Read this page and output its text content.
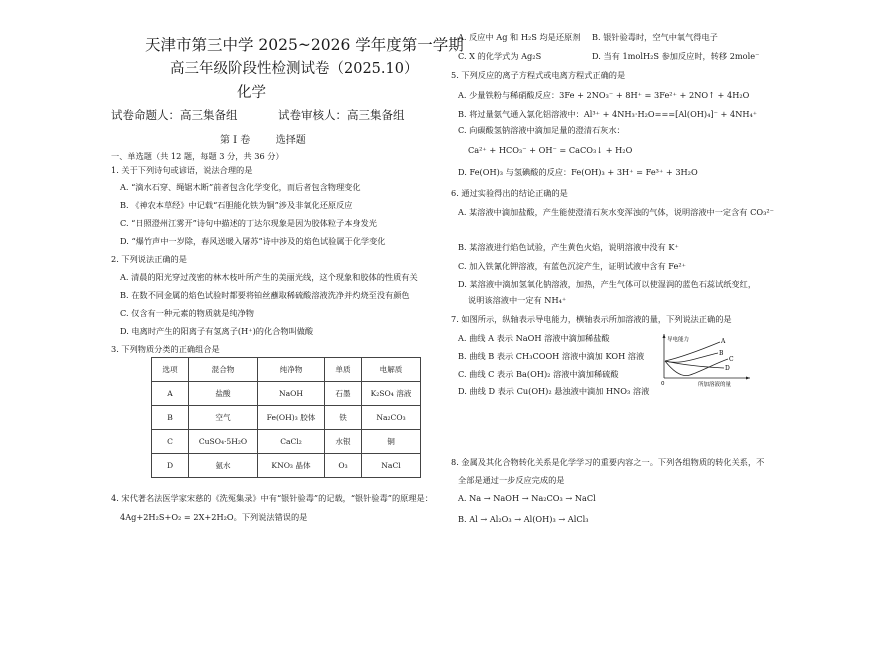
天津市第三中学 2025~2026 学年度第一学期
高三年级阶段性检测试卷（2025.10）
化学
试卷命题人：高三集备组	试卷审核人：高三集备组
第 I 卷        选择题
一、单选题（共 12 题，每题 3 分，共 36 分）
1. 关于下列诗句或谚语，说法合理的是
A. “滴水石穿、绳锯木断”前者包含化学变化，而后者包含物理变化
B. 《神农本草经》中记载“石胆能化铁为铜”涉及非氧化还原反应
C. “日照澄州江雾开”诗句中描述的丁达尔现象是因为胶体粒子本身发光
D. “爆竹声中一岁除，春风送暖入屠苏”诗中涉及的焰色试验属于化学变化
2. 下列说法正确的是
A. 清晨的阳光穿过茂密的林木枝叶所产生的美丽光线，这个现象和胶体的性质有关
B. 在数不同金属的焰色试验时都要将铂丝蘸取稀硫酸溶液洗净并灼烧至没有颜色
C. 仅含有一种元素的物质就是纯净物
D. 电离时产生的阳离子有氢离子(H⁺)的化合物叫做酸
3. 下列物质分类的正确组合是
选项	混合物	纯净物	单质	电解质
A	盐酸	NaOH	石墨	K₂SO₄ 溶液
B	空气	Fe(OH)₃ 胶体	铁	Na₂CO₃
C	CuSO₄·5H₂O	CaCl₂	水银	铜
D	氨水	KNO₃ 晶体	O₃	NaCl
4. 宋代著名法医学家宋慈的《洗冤集录》中有“银针验毒”的记载，“银针验毒”的原理是：
4Ag+2H₂S+O₂ = 2X+2H₂O。下列说法错误的是
A. 反应中 Ag 和 H₂S 均是还原剂 B. 银针验毒时，空气中氧气得电子
C. X 的化学式为 Ag₂S	D. 当有 1molH₂S 参加反应时，转移 2mole⁻
5. 下列反应的离子方程式或电离方程式正确的是
A. 少量铁粉与稀硝酸反应：3Fe + 2NO₃⁻ + 8H⁺ = 3Fe²⁺ + 2NO↑ + 4H₂O
B. 将过量氨气通入氯化铝溶液中：Al³⁺ + 4NH₃·H₂O===[Al(OH)₄]⁻ + 4NH₄⁺
C. 向碳酸氢钠溶液中滴加足量的澄清石灰水：
Ca²⁺ + HCO₃⁻ + OH⁻ = CaCO₃↓ + H₂O
D. Fe(OH)₃ 与氢碘酸的反应：Fe(OH)₃ + 3H⁺ = Fe³⁺ + 3H₂O
6. 通过实验得出的结论正确的是
A. 某溶液中滴加盐酸，产生能使澄清石灰水变浑浊的气体，说明溶液中一定含有 CO₃²⁻
B. 某溶液进行焰色试验，产生黄色火焰，说明溶液中没有 K⁺
C. 加入铁氰化钾溶液，有蓝色沉淀产生，证明试液中含有 Fe²⁺
D. 某溶液中滴加氢氧化钠溶液，加热，产生气体可以使湿润的蓝色石蕊试纸变红，
说明该溶液中一定有 NH₄⁺
7. 如图所示，纵轴表示导电能力，横轴表示所加溶液的量，下列说法正确的是
A. 曲线 A 表示 NaOH 溶液中滴加稀盐酸
B. 曲线 B 表示 CH₃COOH 溶液中滴加 KOH 溶液
C. 曲线 C 表示 Ba(OH)₂ 溶液中滴加稀硫酸
D. 曲线 D 表示 Cu(OH)₂ 悬浊液中滴加 HNO₃ 溶液
导电能力
所加溶液的量
0
A
B
C
D
8. 金属及其化合物转化关系是化学学习的重要内容之一。下列各组物质的转化关系，不
全部是通过一步反应完成的是
A. Na → NaOH → Na₂CO₃ → NaCl
B. Al → Al₂O₃ → Al(OH)₃ → AlCl₃
